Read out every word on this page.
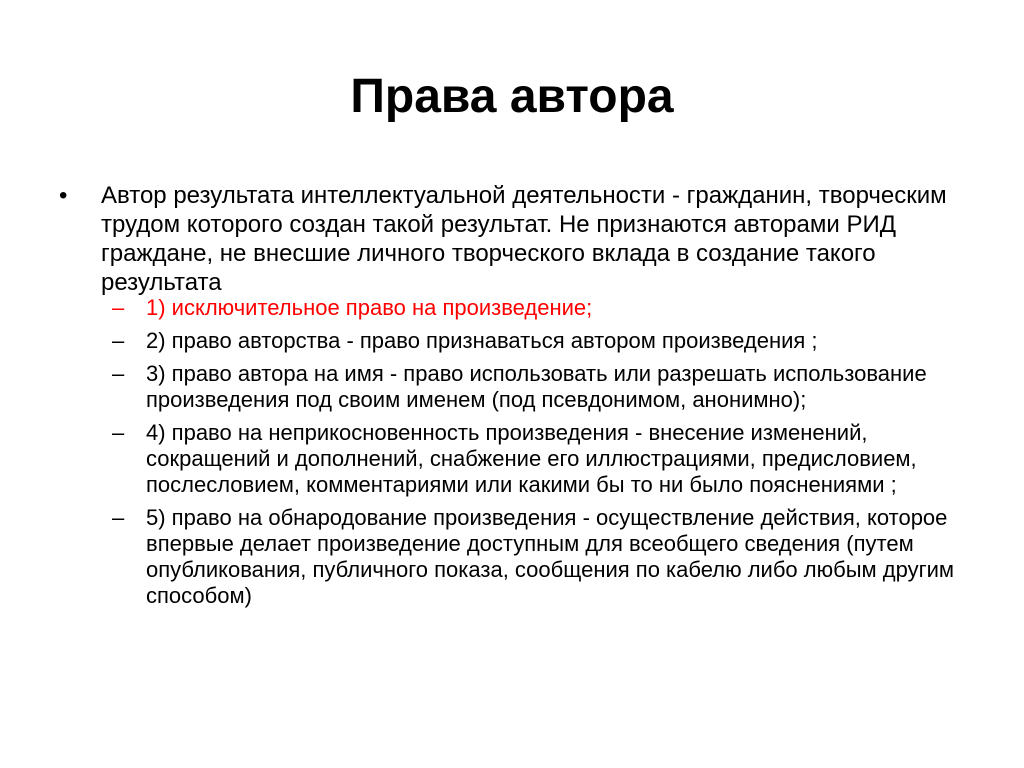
Права автора
• Автор результата интеллектуальной деятельности - гражданин, творческим трудом которого создан такой результат. Не признаются авторами РИД граждане, не внесшие личного творческого вклада в создание такого результата
– 1) исключительное право на произведение;
– 2) право авторства - право признаваться автором произведения ;
– 3) право автора на имя - право использовать или разрешать использование произведения под своим именем (под псевдонимом, анонимно);
– 4) право на неприкосновенность произведения - внесение изменений, сокращений и дополнений, снабжение его иллюстрациями, предисловием, послесловием, комментариями или какими бы то ни было пояснениями ;
– 5) право на обнародование произведения - осуществление действия, которое впервые делает произведение доступным для всеобщего сведения (путем опубликования, публичного показа, сообщения по кабелю либо любым другим способом)
